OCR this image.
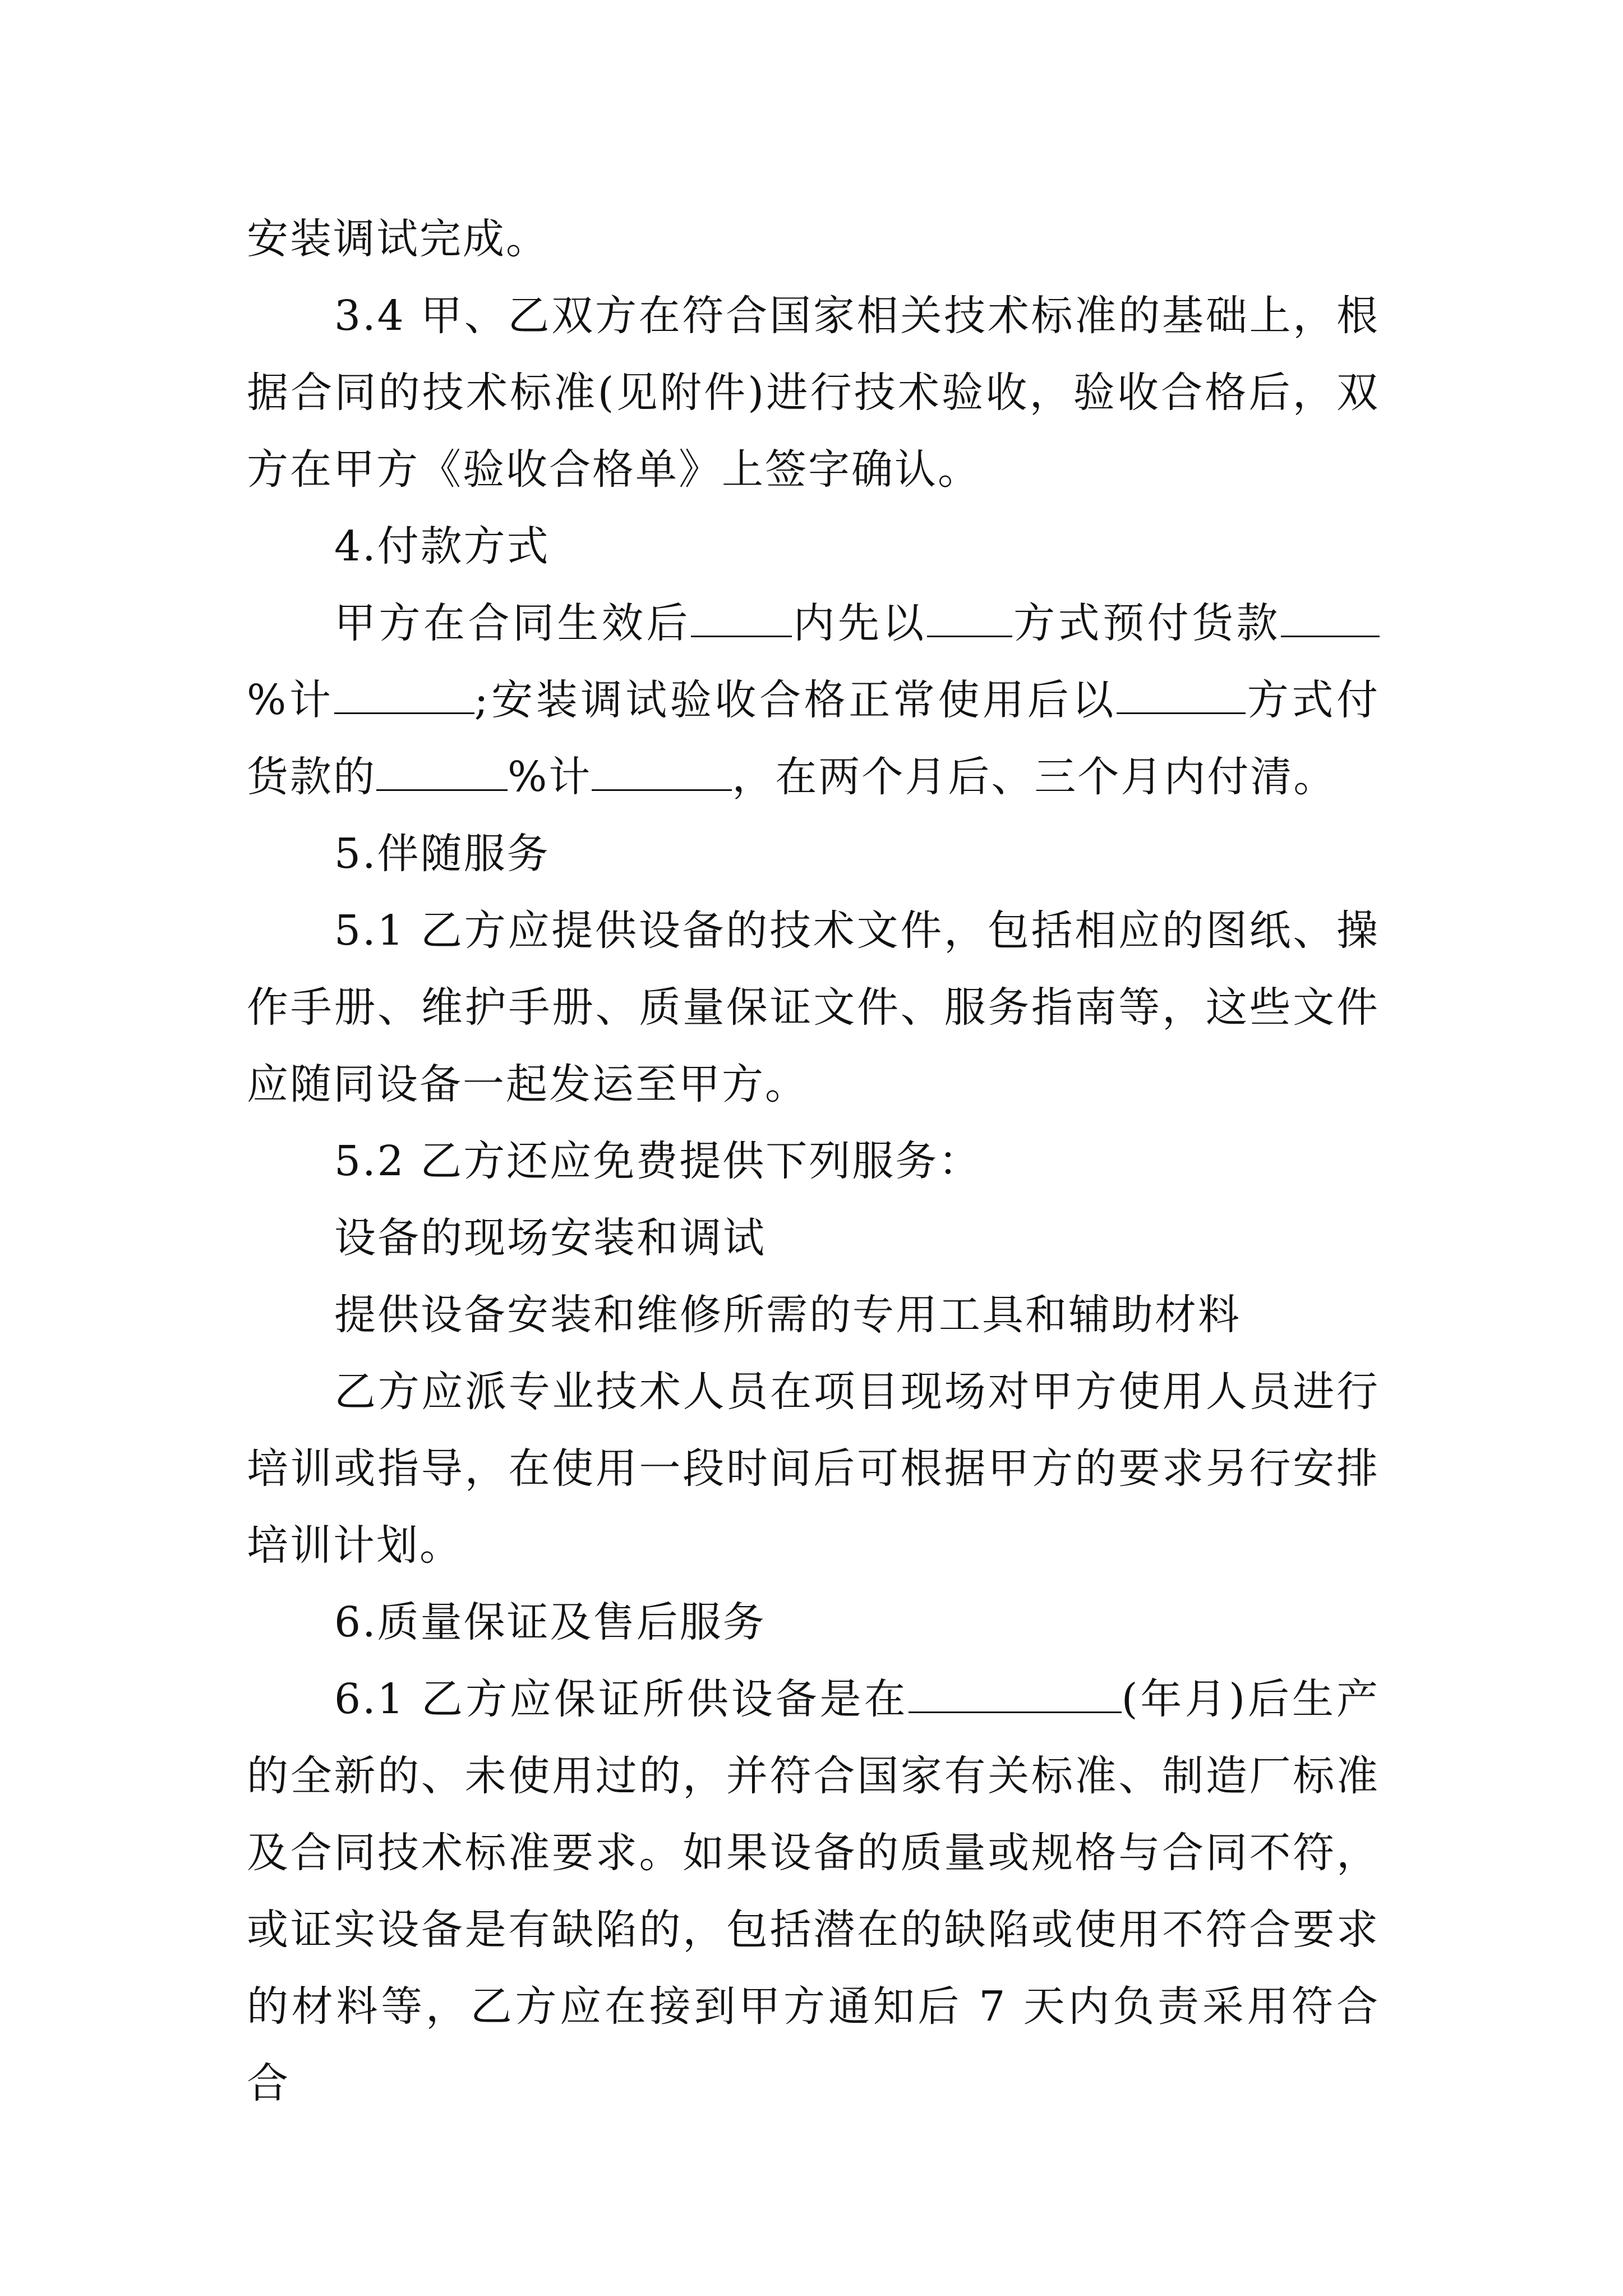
安装调试完成。

3.4 甲、乙双方在符合国家相关技术标准的基础上，根据合同的技术标准(见附件)进行技术验收，验收合格后，双方在甲方《验收合格单》上签字确认。

4.付款方式

甲方在合同生效后 内先以 方式预付货款%计	;安装调试验收合格正常使用后以	方式付货款的	%计	，在两个月后、三个月内付清。

5.伴随服务

5.1 乙方应提供设备的技术文件，包括相应的图纸、操作手册、维护手册、质量保证文件、服务指南等，这些文件应随同设备一起发运至甲方。

5.2 乙方还应免费提供下列服务：

设备的现场安装和调试

提供设备安装和维修所需的专用工具和辅助材料

乙方应派专业技术人员在项目现场对甲方使用人员进行培训或指导，在使用一段时间后可根据甲方的要求另行安排培训计划。

6.质量保证及售后服务

6.1 乙方应保证所供设备是在	(年月)后生产的全新的、未使用过的，并符合国家有关标准、制造厂标准及合同技术标准要求。如果设备的质量或规格与合同不符，或证实设备是有缺陷的，包括潜在的缺陷或使用不符合要求的材料等，乙方应在接到甲方通知后 7 天内负责采用符合合
